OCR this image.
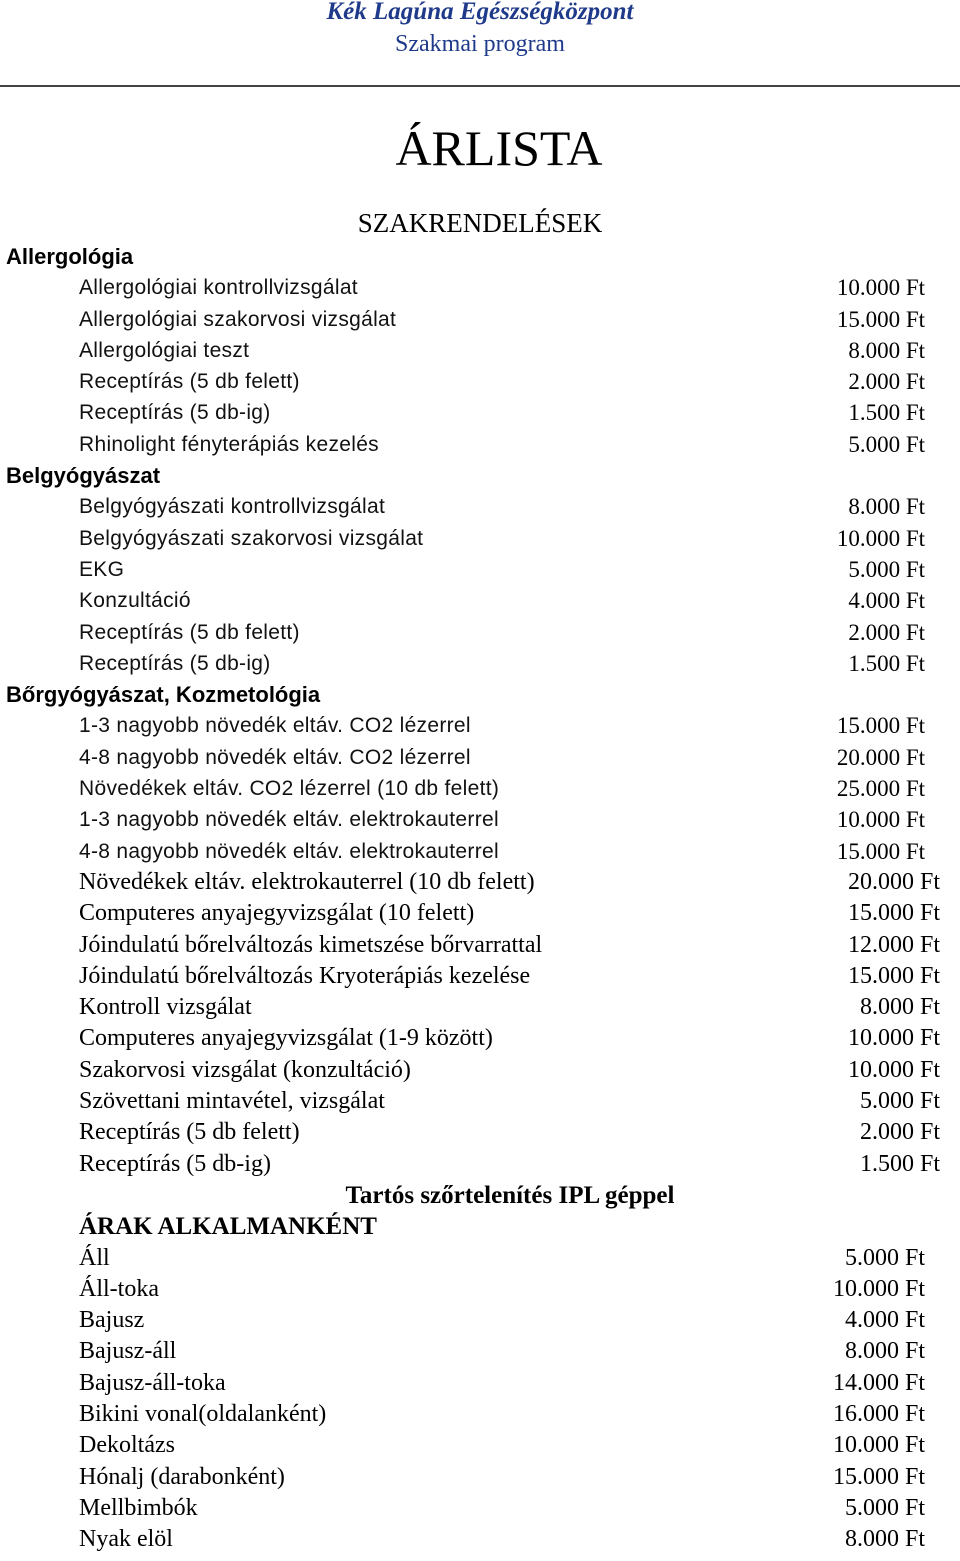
Kék Lagúna Egészségközpont
Szakmai program
ÁRLISTA
SZAKRENDELÉSEK
Allergológia
Allergológiai kontrollvizsgálat	10.000 Ft
Allergológiai szakorvosi vizsgálat	15.000 Ft
Allergológiai teszt	8.000 Ft
Receptírás (5 db felett)	2.000 Ft
Receptírás (5 db-ig)	1.500 Ft
Rhinolight fényterápiás kezelés	5.000 Ft
Belgyógyászat
Belgyógyászati kontrollvizsgálat	8.000 Ft
Belgyógyászati szakorvosi vizsgálat	10.000 Ft
EKG	5.000 Ft
Konzultáció	4.000 Ft
Receptírás (5 db felett)	2.000 Ft
Receptírás (5 db-ig)	1.500 Ft
Bőrgyógyászat, Kozmetológia
1-3 nagyobb növedék eltáv. CO2 lézerrel	15.000 Ft
4-8 nagyobb növedék eltáv. CO2 lézerrel	20.000 Ft
Növedékek eltáv. CO2 lézerrel (10 db felett)	25.000 Ft
1-3 nagyobb növedék eltáv. elektrokauterrel	10.000 Ft
4-8 nagyobb növedék eltáv. elektrokauterrel	15.000 Ft
Növedékek eltáv. elektrokauterrel (10 db felett)	20.000 Ft
Computeres anyajegyvizsgálat (10 felett)	15.000 Ft
Jóindulatú bőrelváltozás kimetszése bőrvarrattal	12.000 Ft
Jóindulatú bőrelváltozás Kryoterápiás kezelése	15.000 Ft
Kontroll vizsgálat	8.000 Ft
Computeres anyajegyvizsgálat (1-9 között)	10.000 Ft
Szakorvosi vizsgálat (konzultáció)	10.000 Ft
Szövettani mintavétel, vizsgálat	5.000 Ft
Receptírás (5 db felett)	2.000 Ft
Receptírás (5 db-ig)	1.500 Ft
Tartós szőrtelenítés IPL géppel
ÁRAK ALKALMANKÉNT
Áll	5.000 Ft
Áll-toka	10.000 Ft
Bajusz	4.000 Ft
Bajusz-áll	8.000 Ft
Bajusz-áll-toka	14.000 Ft
Bikini vonal(oldalanként)	16.000 Ft
Dekoltázs	10.000 Ft
Hónalj (darabonként)	15.000 Ft
Mellbimbók	5.000 Ft
Nyak elöl	8.000 Ft
